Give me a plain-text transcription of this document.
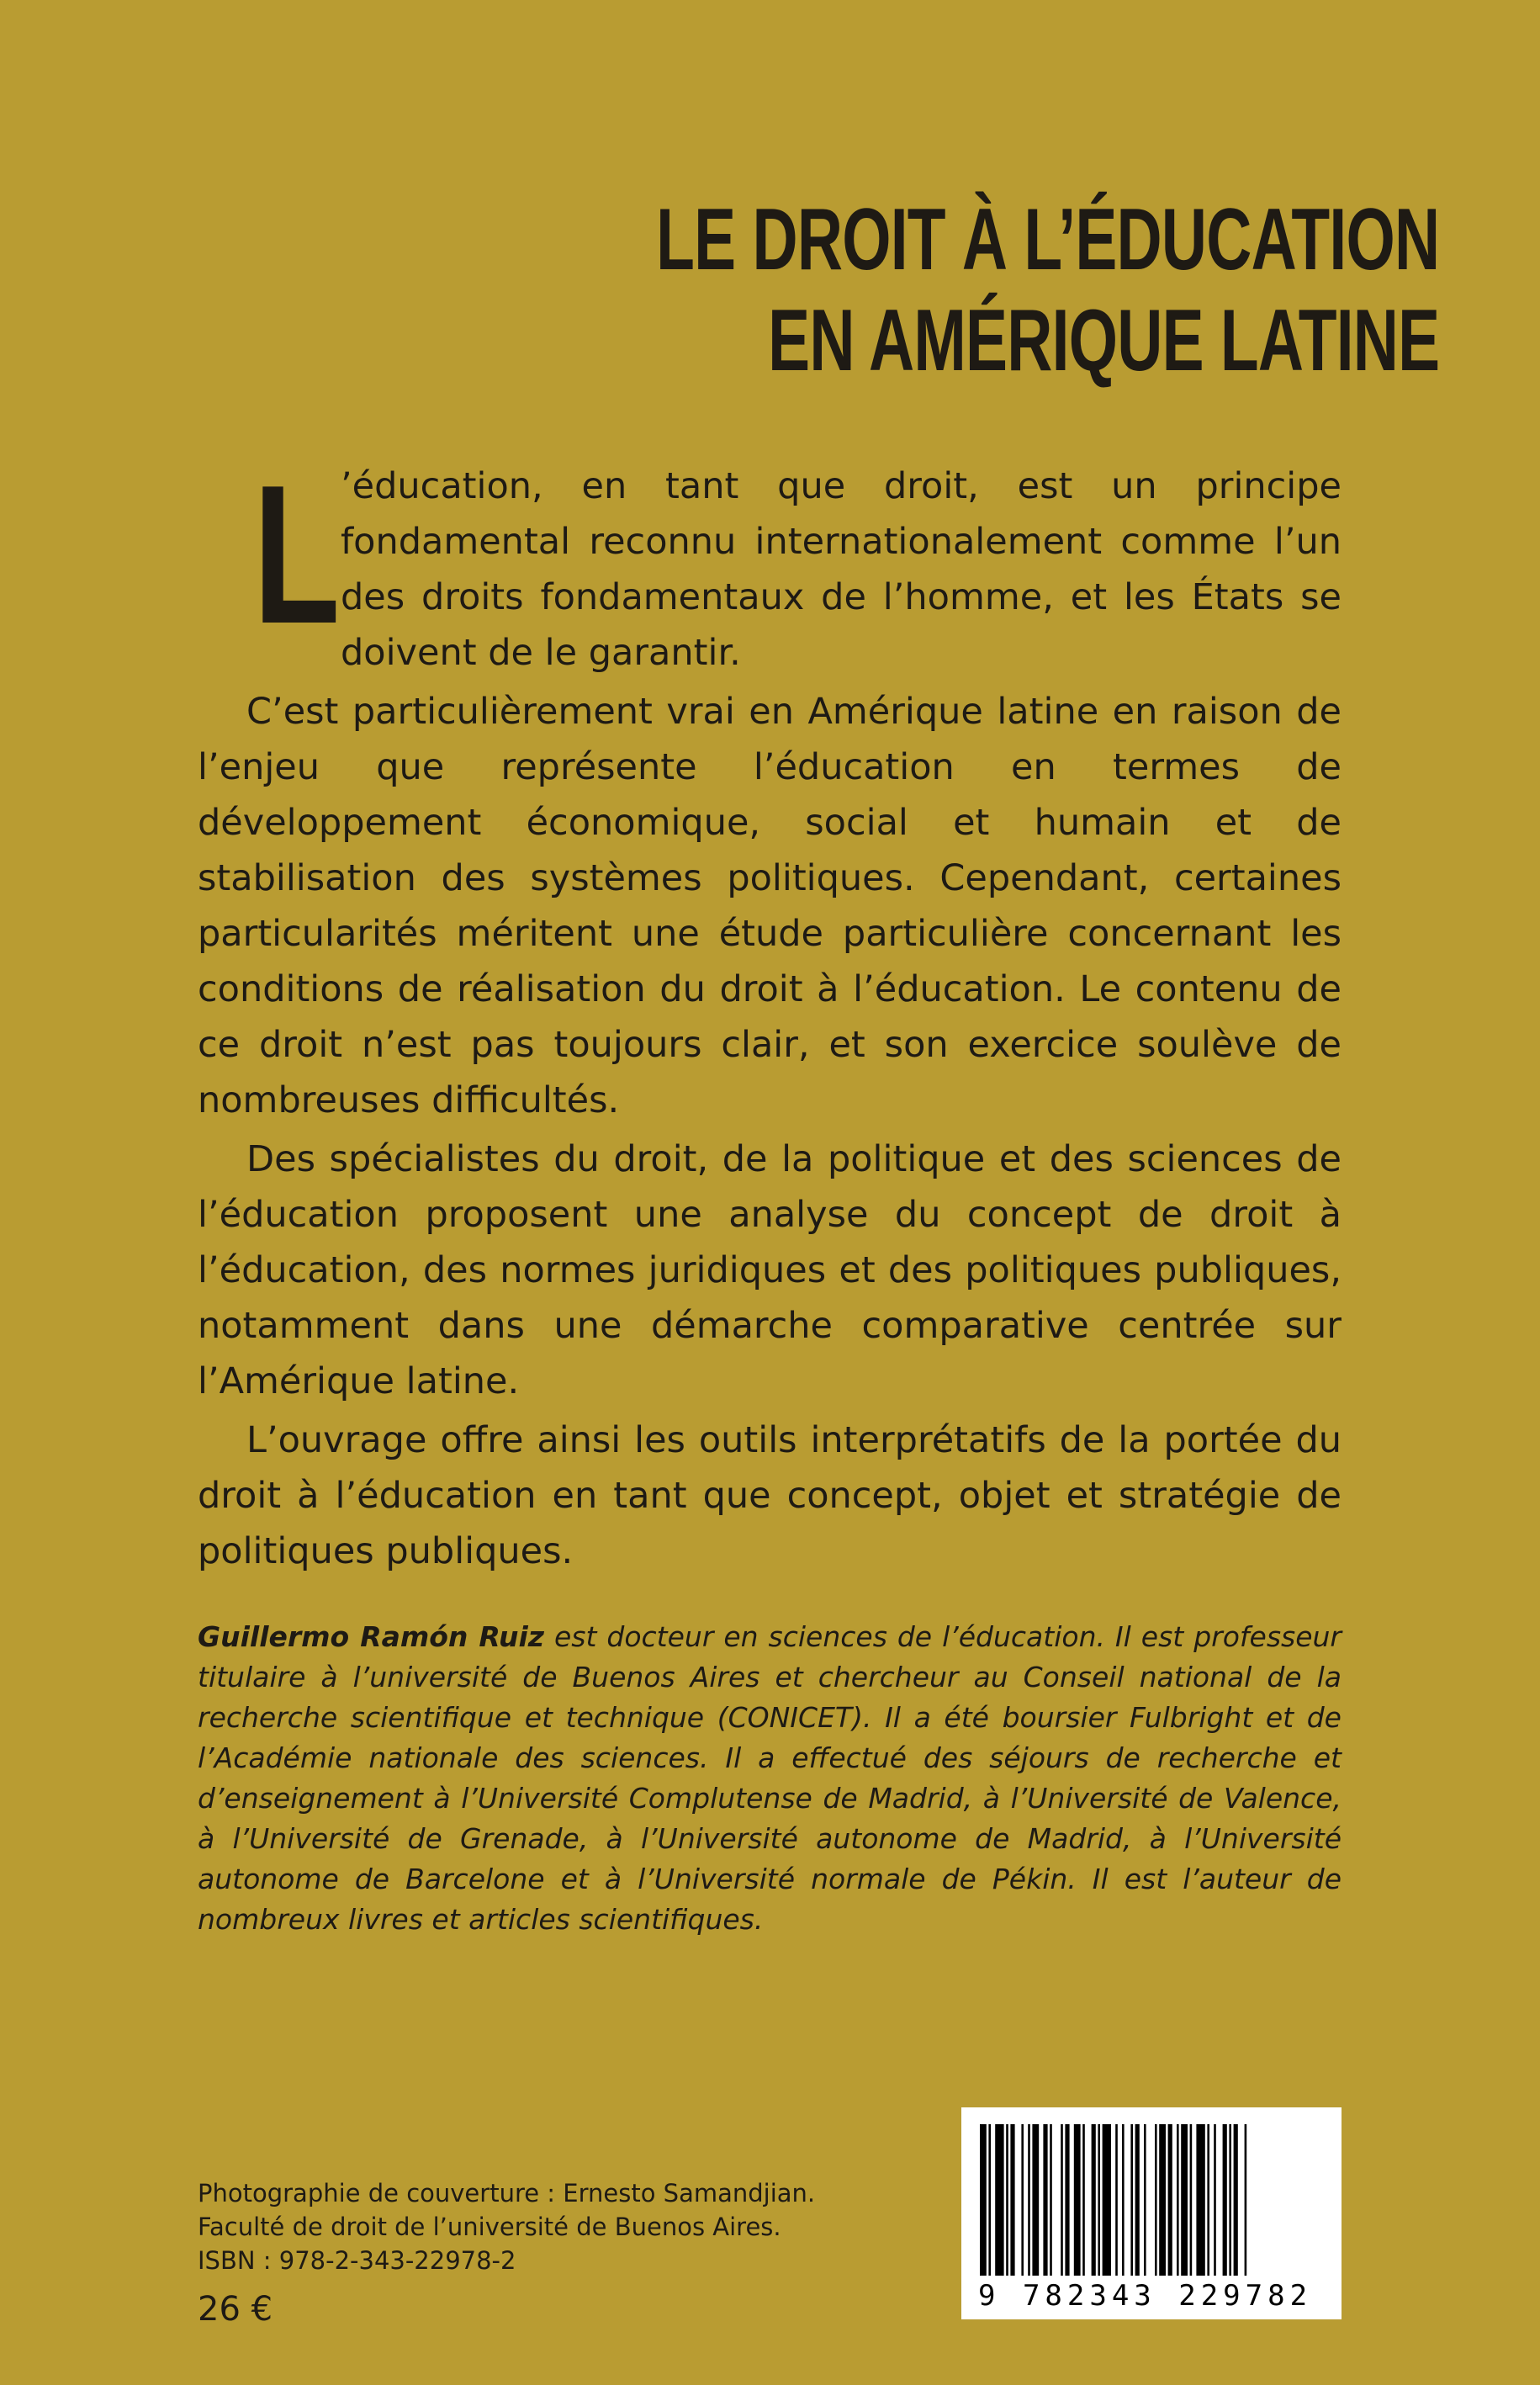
LE DROIT À L’ÉDUCATION
EN AMÉRIQUE LATINE

L ’éducation, en tant que droit, est un principe fondamental reconnu internationalement comme l’un des droits fondamentaux de l’homme, et les États se doivent de le garantir.

C’est particulièrement vrai en Amérique latine en raison de l’enjeu que représente l’éducation en termes de développement économique, social et humain et de stabilisation des systèmes politiques. Cependant, certaines particularités méritent une étude particulière concernant les conditions de réalisation du droit à l’éducation. Le contenu de ce droit n’est pas toujours clair, et son exercice soulève de nombreuses difficultés.

Des spécialistes du droit, de la politique et des sciences de l’éducation proposent une analyse du concept de droit à l’éducation, des normes juridiques et des politiques publiques, notamment dans une démarche comparative centrée sur l’Amérique latine.

L’ouvrage offre ainsi les outils interprétatifs de la portée du droit à l’éducation en tant que concept, objet et stratégie de politiques publiques.

Guillermo Ramón Ruiz est docteur en sciences de l’éducation. Il est professeur titulaire à l’université de Buenos Aires et chercheur au Conseil national de la recherche scientifique et technique (CONICET). Il a été boursier Fulbright et de l’Académie nationale des sciences. Il a effectué des séjours de recherche et d’enseignement à l’Université Complutense de Madrid, à l’Université de Valence, à l’Université de Grenade, à l’Université autonome de Madrid, à l’Université autonome de Barcelone et à l’Université normale de Pékin. Il est l’auteur de nombreux livres et articles scientifiques.

Photographie de couverture : Ernesto Samandjian.
Faculté de droit de l’université de Buenos Aires.
ISBN : 978-2-343-22978-2
26 €	9 782343 229782
